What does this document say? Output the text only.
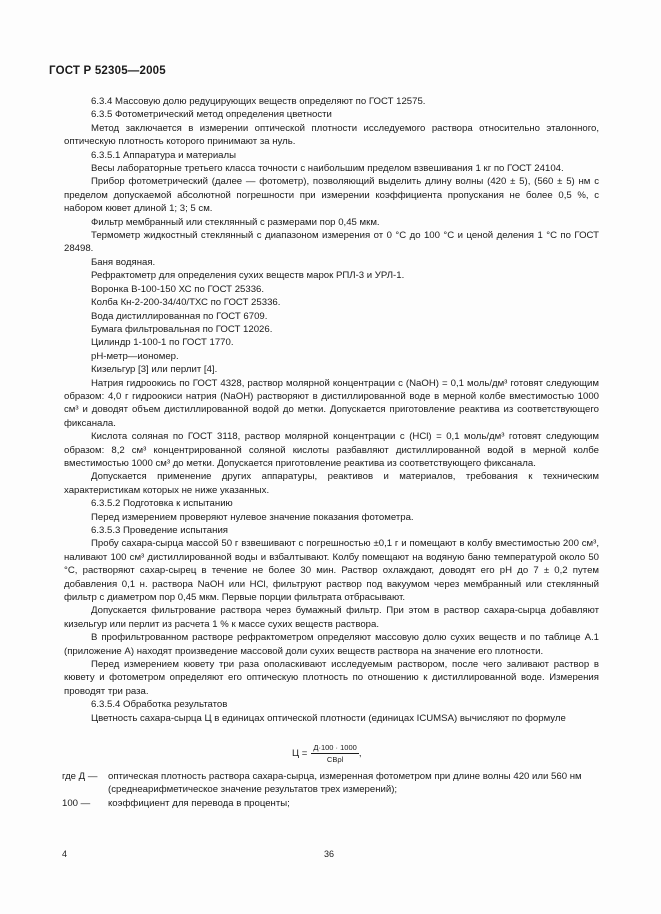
ГОСТ Р 52305—2005

6.3.4 Массовую долю редуцирующих веществ определяют по ГОСТ 12575.

6.3.5 Фотометрический метод определения цветности

Метод заключается в измерении оптической плотности исследуемого раствора относительно эталонного, оптическую плотность которого принимают за нуль.

6.3.5.1 Аппаратура и материалы

Весы лабораторные третьего класса точности с наибольшим пределом взвешивания 1 кг по ГОСТ 24104.

Прибор фотометрический (далее — фотометр), позволяющий выделить длину волны (420 ± 5), (560 ± 5) нм с пределом допускаемой абсолютной погрешности при измерении коэффициента пропускания не более 0,5 %, с набором кювет длиной 1; 3; 5 см.

Фильтр мембранный или стеклянный с размерами пор 0,45 мкм.

Термометр жидкостный стеклянный с диапазоном измерения от 0 °С до 100 °С и ценой деления 1 °С по ГОСТ 28498.

Баня водяная.

Рефрактометр для определения сухих веществ марок РПЛ-3 и УРЛ-1.

Воронка В-100-150 ХС по ГОСТ 25336.

Колба Кн-2-200-34/40/ТХС по ГОСТ 25336.

Вода дистиллированная по ГОСТ 6709.

Бумага фильтровальная по ГОСТ 12026.

Цилиндр 1-100-1 по ГОСТ 1770.

рН-метр—иономер.

Кизельгур [3] или перлит [4].

Натрия гидроокись по ГОСТ 4328, раствор молярной концентрации c (NaOH) = 0,1 моль/дм³ готовят следующим образом: 4,0 г гидроокиси натрия (NaOH) растворяют в дистиллированной воде в мерной колбе вместимостью 1000 см³ и доводят объем дистиллированной водой до метки. Допускается приготовление реактива из соответствующего фиксанала.

Кислота соляная по ГОСТ 3118, раствор молярной концентрации c (HCl) = 0,1 моль/дм³ готовят следующим образом: 8,2 см³ концентрированной соляной кислоты разбавляют дистиллированной водой в мерной колбе вместимостью 1000 см³ до метки. Допускается приготовление реактива из соответствующего фиксанала.

Допускается применение других аппаратуры, реактивов и материалов, требования к техническим характеристикам которых не ниже указанных.

6.3.5.2 Подготовка к испытанию

Перед измерением проверяют нулевое значение показания фотометра.

6.3.5.3 Проведение испытания

Пробу сахара-сырца массой 50 г взвешивают с погрешностью ±0,1 г и помещают в колбу вместимостью 200 см³, наливают 100 см³ дистиллированной воды и взбалтывают. Колбу помещают на водяную баню температурой около 50 °С, растворяют сахар-сырец в течение не более 30 мин. Раствор охлаждают, доводят его рН до 7 ± 0,2 путем добавления 0,1 н. раствора NaOH или HCl, фильтруют раствор под вакуумом через мембранный или стеклянный фильтр с диаметром пор 0,45 мкм. Первые порции фильтрата отбрасывают.

Допускается фильтрование раствора через бумажный фильтр. При этом в раствор сахара-сырца добавляют кизельгур или перлит из расчета 1 % к массе сухих веществ раствора.

В профильтрованном растворе рефрактометром определяют массовую долю сухих веществ и по таблице А.1 (приложение А) находят произведение массовой доли сухих веществ раствора на значение его плотности.

Перед измерением кювету три раза ополаскивают исследуемым раствором, после чего заливают раствор в кювету и фотометром определяют его оптическую плотность по отношению к дистиллированной воде. Измерения проводят три раза.

6.3.5.4 Обработка результатов

Цветность сахара-сырца Ц в единицах оптической плотности (единицах ICUMSA) вычисляют по формуле

$Ц = \frac{Д\cdot 100 \cdot 1000}{\text{СВρl}}$ ,
где Д —	оптическая плотность раствора сахара-сырца, измеренная фотометром при длине волны 420 или 560 нм (среднеарифметическое значение результатов трех измерений);
100 —	коэффициент для перевода в проценты;
4	36
